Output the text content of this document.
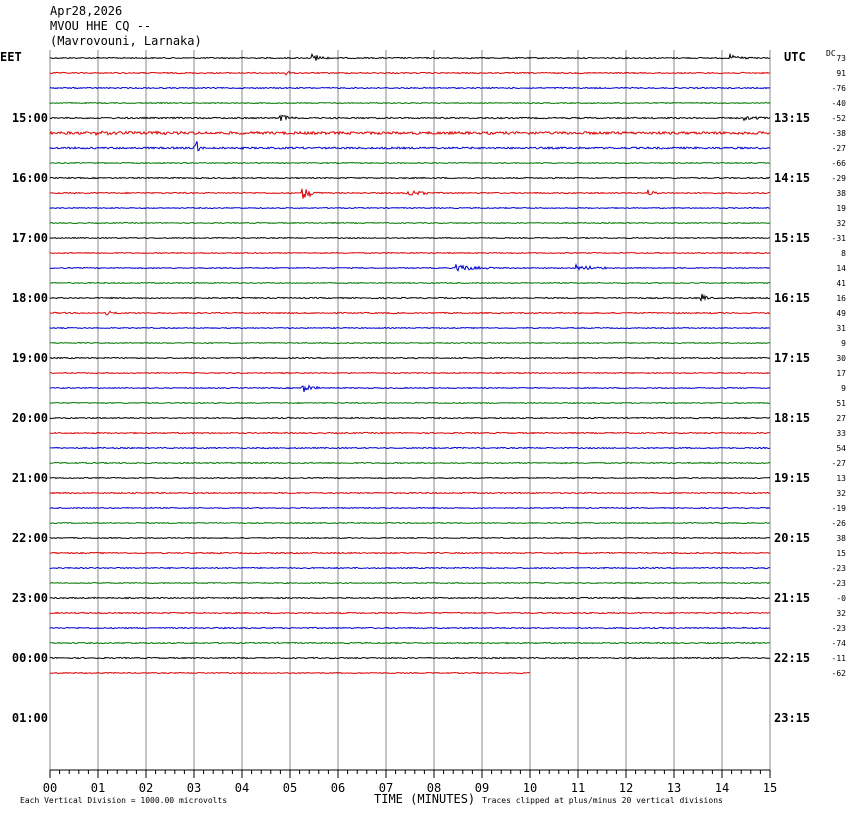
73
91
-76
-40
-52
-38
-27
-66
-29
38
19
32
-31
8
14
41
16
49
31
9
30
17
9
51
27
33
54
-27
13
32
-19
-26
38
15
-23
-23
-0
32
-23
-74
-11
-62
00	01	02	03	04	05	06	07	08	09	10	11	12	13	14	15
15:00	13:15
16:00	14:15
17:00	15:15
18:00	16:15
19:00	17:15
20:00	18:15
21:00	19:15
22:00	20:15
23:00	21:15
00:00	22:15
01:00	23:15
Apr28,2026
MVOU HHE CQ --
(Mavrovouni, Larnaka)
EET	UTC	DC
Each Vertical Division = 1000.00 microvolts	TIME (MINUTES) Traces clipped at plus/minus 20 vertical divisions
